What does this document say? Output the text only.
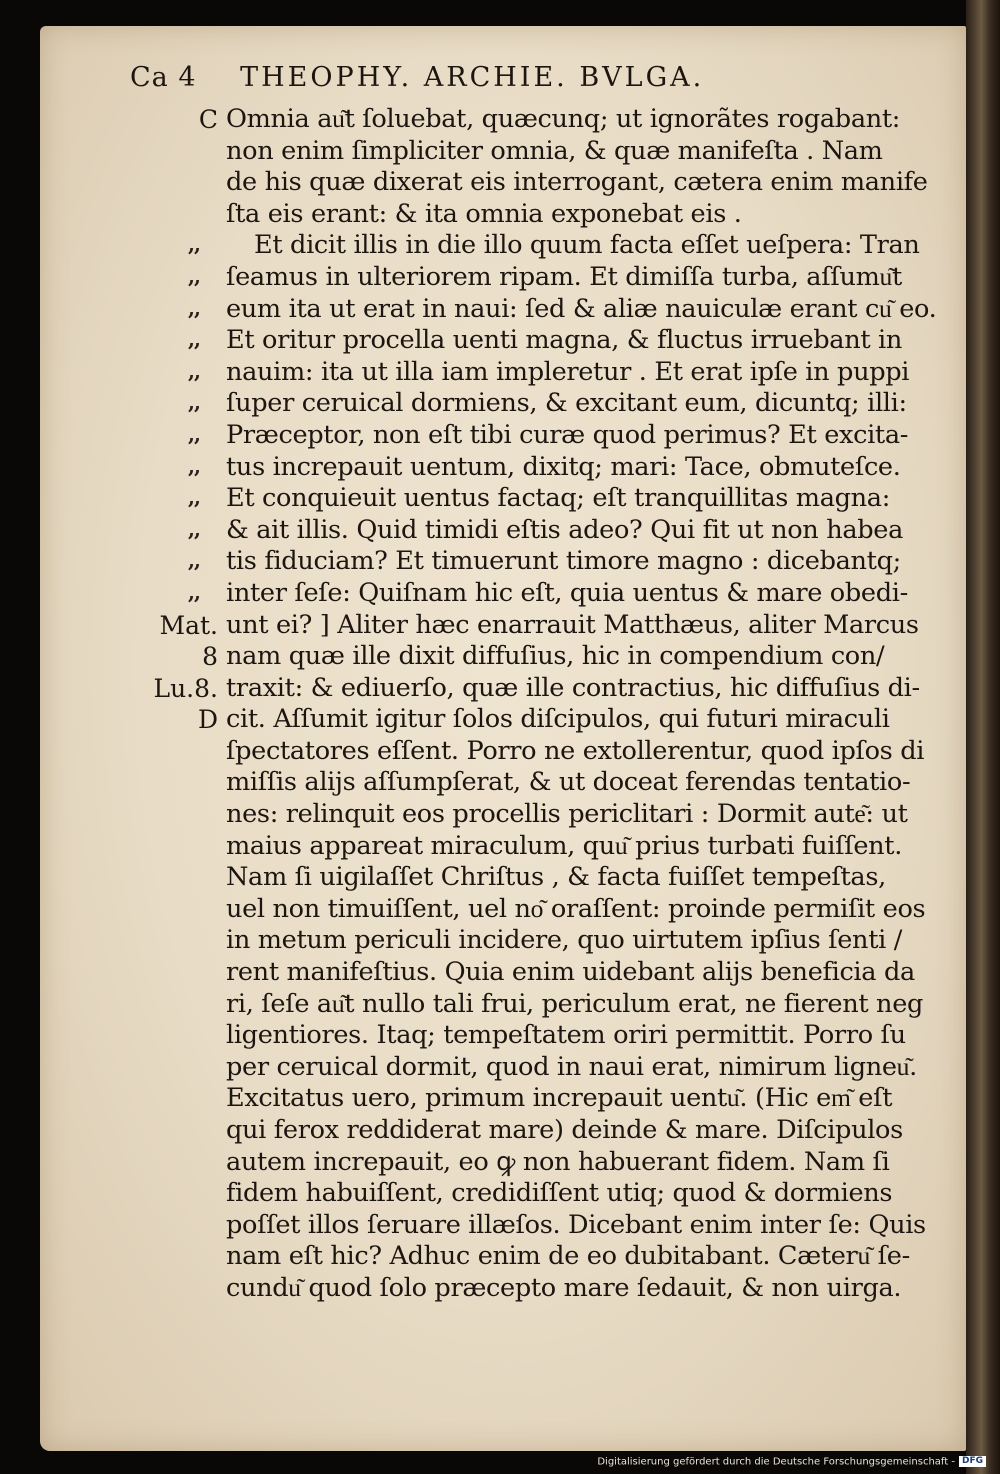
Ca 4 THEOPHY. ARCHIE. BVLGA.
C
Mat.
8
Lu.8.
D
,,
,,
,,
,,
,,
,,
,,
,,
,,
,,
,,
,,
Omnia au͂t ſoluebat, quæcunq; ut ignorãtes rogabant:
non enim ſimpliciter omnia, & quæ manifeſta . Nam
de his quæ dixerat eis interrogant, cætera enim manife
ſta eis erant: & ita omnia exponebat eis .
Et dicit illis in die illo quum facta eſſet ueſpera: Tran
ſeamus in ulteriorem ripam. Et dimiſſa turba, aſſumu͂t
eum ita ut erat in naui: ſed & aliæ nauiculæ erant cu͂ eo.
Et oritur procella uenti magna, & fluctus irruebant in
nauim: ita ut illa iam impleretur . Et erat ipſe in puppi
ſuper ceruical dormiens, & excitant eum, dicuntq; illi:
Præceptor, non eſt tibi curæ quod perimus? Et excita-
tus increpauit uentum, dixitq; mari: Tace, obmuteſce.
Et conquieuit uentus factaq; eſt tranquillitas magna:
& ait illis. Quid timidi eſtis adeo? Qui fit ut non habea
tis fiduciam? Et timuerunt timore magno : dicebantq;
inter ſeſe: Quiſnam hic eſt, quia uentus & mare obedi-
unt ei? ] Aliter hæc enarrauit Matthæus, aliter Marcus
nam quæ ille dixit diffuſius, hic in compendium con/
traxit: & ediuerſo, quæ ille contractius, hic diffuſius di-
cit. Aſſumit igitur ſolos diſcipulos, qui futuri miraculi
ſpectatores eſſent. Porro ne extollerentur, quod ipſos di
miſſis alijs aſſumpſerat, & ut doceat ferendas tentatio-
nes: relinquit eos procellis periclitari : Dormit aute͂: ut
maius appareat miraculum, quu͂ prius turbati fuiſſent.
Nam ſi uigilaſſet Chriſtus , & facta fuiſſet tempeſtas,
uel non timuiſſent, uel no͂ oraſſent: proinde permiſit eos
in metum periculi incidere, quo uirtutem ipſius ſenti /
rent manifeſtius. Quia enim uidebant alijs beneficia da
ri, ſeſe au͂t nullo tali frui, periculum erat, ne fierent neg
ligentiores. Itaq; tempeſtatem oriri permittit. Porro ſu
per ceruical dormit, quod in naui erat, nimirum ligneu͂.
Excitatus uero, primum increpauit uentu͂. (Hic em͂ eſt
qui ferox reddiderat mare) deinde & mare. Diſcipulos
autem increpauit, eo ꝙ non habuerant fidem. Nam ſi
fidem habuiſſent, credidiſſent utiq; quod & dormiens
poſſet illos ſeruare illæſos. Dicebant enim inter ſe: Quis
nam eſt hic? Adhuc enim de eo dubitabant. Cæteru͂ ſe-
cundu͂ quod ſolo præcepto mare ſedauit, & non uirga.
Digitalisierung gefördert durch die Deutsche Forschungsgemeinschaft - DFG
